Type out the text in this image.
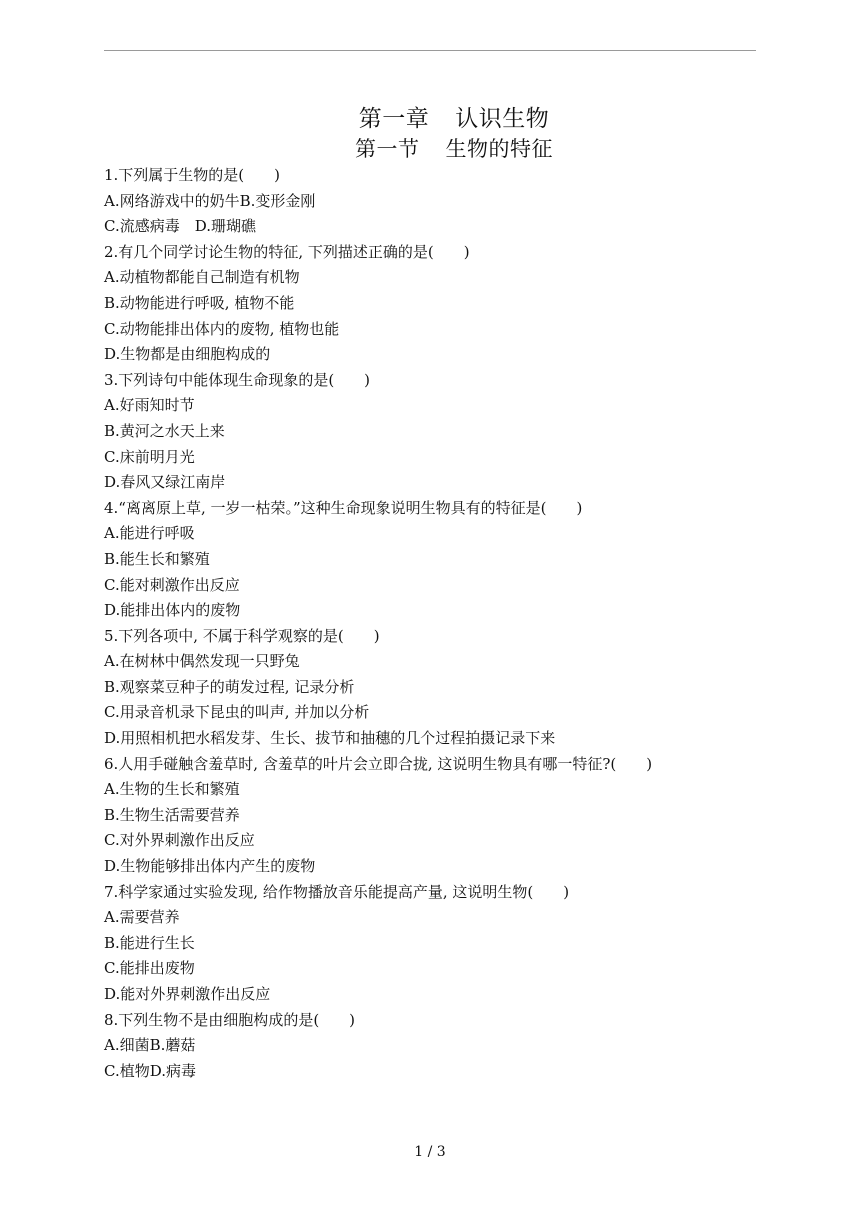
第一章 认识生物
第一节 生物的特征
1.下列属于生物的是(　　)
A.网络游戏中的奶牛B.变形金刚
C.流感病毒　D.珊瑚礁
2.有几个同学讨论生物的特征, 下列描述正确的是(　　)
A.动植物都能自己制造有机物
B.动物能进行呼吸, 植物不能
C.动物能排出体内的废物, 植物也能
D.生物都是由细胞构成的
3.下列诗句中能体现生命现象的是(　　)
A.好雨知时节
B.黄河之水天上来
C.床前明月光
D.春风又绿江南岸
4.“离离原上草, 一岁一枯荣。”这种生命现象说明生物具有的特征是(　　)
A.能进行呼吸
B.能生长和繁殖
C.能对刺激作出反应
D.能排出体内的废物
5.下列各项中, 不属于科学观察的是(　　)
A.在树林中偶然发现一只野兔
B.观察菜豆种子的萌发过程, 记录分析
C.用录音机录下昆虫的叫声, 并加以分析
D.用照相机把水稻发芽、生长、拔节和抽穗的几个过程拍摄记录下来
6.人用手碰触含羞草时, 含羞草的叶片会立即合拢, 这说明生物具有哪一特征?(　　)
A.生物的生长和繁殖
B.生物生活需要营养
C.对外界刺激作出反应
D.生物能够排出体内产生的废物
7.科学家通过实验发现, 给作物播放音乐能提高产量, 这说明生物(　　)
A.需要营养
B.能进行生长
C.能排出废物
D.能对外界刺激作出反应
8.下列生物不是由细胞构成的是(　　)
A.细菌B.蘑菇
C.植物D.病毒
1 / 3
